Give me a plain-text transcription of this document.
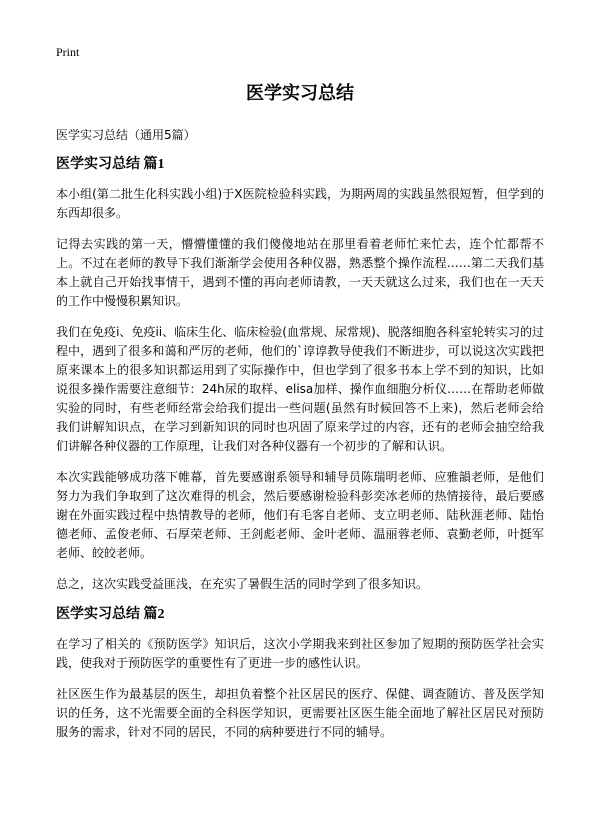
Print
医学实习总结
医学实习总结（通用5篇）
医学实习总结 篇1

本小组(第二批生化科实践小组)于X医院检验科实践，为期两周的实践虽然很短暂，但学到的东西却很多。

记得去实践的第一天，懵懵懂懂的我们傻傻地站在那里看着老师忙来忙去，连个忙都帮不上。不过在老师的教导下我们渐渐学会使用各种仪器，熟悉整个操作流程……第二天我们基本上就自己开始找事情干，遇到不懂的再向老师请教，一天天就这么过来，我们也在一天天的工作中慢慢积累知识。

我们在免疫i、免疫ii、临床生化、临床检验(血常规、尿常规)、脱落细胞各科室轮转实习的过程中，遇到了很多和蔼和严厉的老师，他们的`谆谆教导使我们不断进步，可以说这次实践把原来课本上的很多知识都运用到了实际操作中，但也学到了很多书本上学不到的知识，比如说很多操作需要注意细节：24h尿的取样、elisa加样、操作血细胞分析仪……在帮助老师做实验的同时，有些老师经常会给我们提出一些问题(虽然有时候回答不上来)，然后老师会给我们讲解知识点，在学习到新知识的同时也巩固了原来学过的内容，还有的老师会抽空给我们讲解各种仪器的工作原理，让我们对各种仪器有一个初步的了解和认识。

本次实践能够成功落下帷幕，首先要感谢系领导和辅导员陈瑞明老师、应雅韻老师，是他们努力为我们争取到了这次难得的机会，然后要感谢检验科彭奕冰老师的热情接待，最后要感谢在外面实践过程中热情教导的老师，他们有毛客自老师、支立明老师、陆秋涯老师、陆怡德老师、孟俊老师、石厚荣老师、王剑彪老师、金叶老师、温丽蓉老师、袁勤老师，叶挺军老师、皎皎老师。

总之，这次实践受益匪浅，在充实了暑假生活的同时学到了很多知识。

医学实习总结 篇2

在学习了相关的《预防医学》知识后，这次小学期我来到社区参加了短期的预防医学社会实践，使我对于预防医学的重要性有了更进一步的感性认识。

社区医生作为最基层的医生，却担负着整个社区居民的医疗、保健、调查随访、普及医学知识的任务，这不光需要全面的全科医学知识，更需要社区医生能全面地了解社区居民对预防服务的需求，针对不同的居民，不同的病种要进行不同的辅导。
